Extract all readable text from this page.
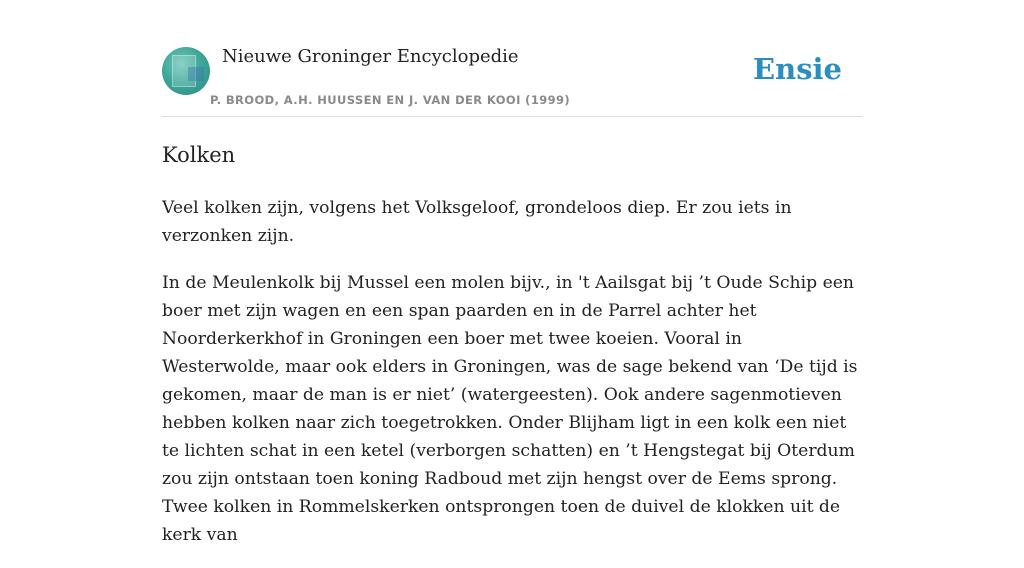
Nieuwe Groninger Encyclopedie
P. BROOD, A.H. HUUSSEN EN J. VAN DER KOOI (1999)
Ensie
Kolken

Veel kolken zijn, volgens het Volksgeloof, grondeloos diep. Er zou iets in verzonken zijn.

In de Meulenkolk bij Mussel een molen bijv., in 't Aailsgat bij ’t Oude Schip een boer met zijn wagen en een span paarden en in de Parrel achter het Noorderkerkhof in Groningen een boer met twee koeien. Vooral in Westerwolde, maar ook elders in Groningen, was de sage bekend van ‘De tijd is gekomen, maar de man is er niet’ (watergeesten). Ook andere sagenmotieven hebben kolken naar zich toegetrokken. Onder Blijham ligt in een kolk een niet te lichten schat in een ketel (verborgen schatten) en ’t Hengstegat bij Oterdum zou zijn ontstaan toen koning Radboud met zijn hengst over de Eems sprong. Twee kolken in Rommelskerken ontsprongen toen de duivel de klokken uit de kerk van
